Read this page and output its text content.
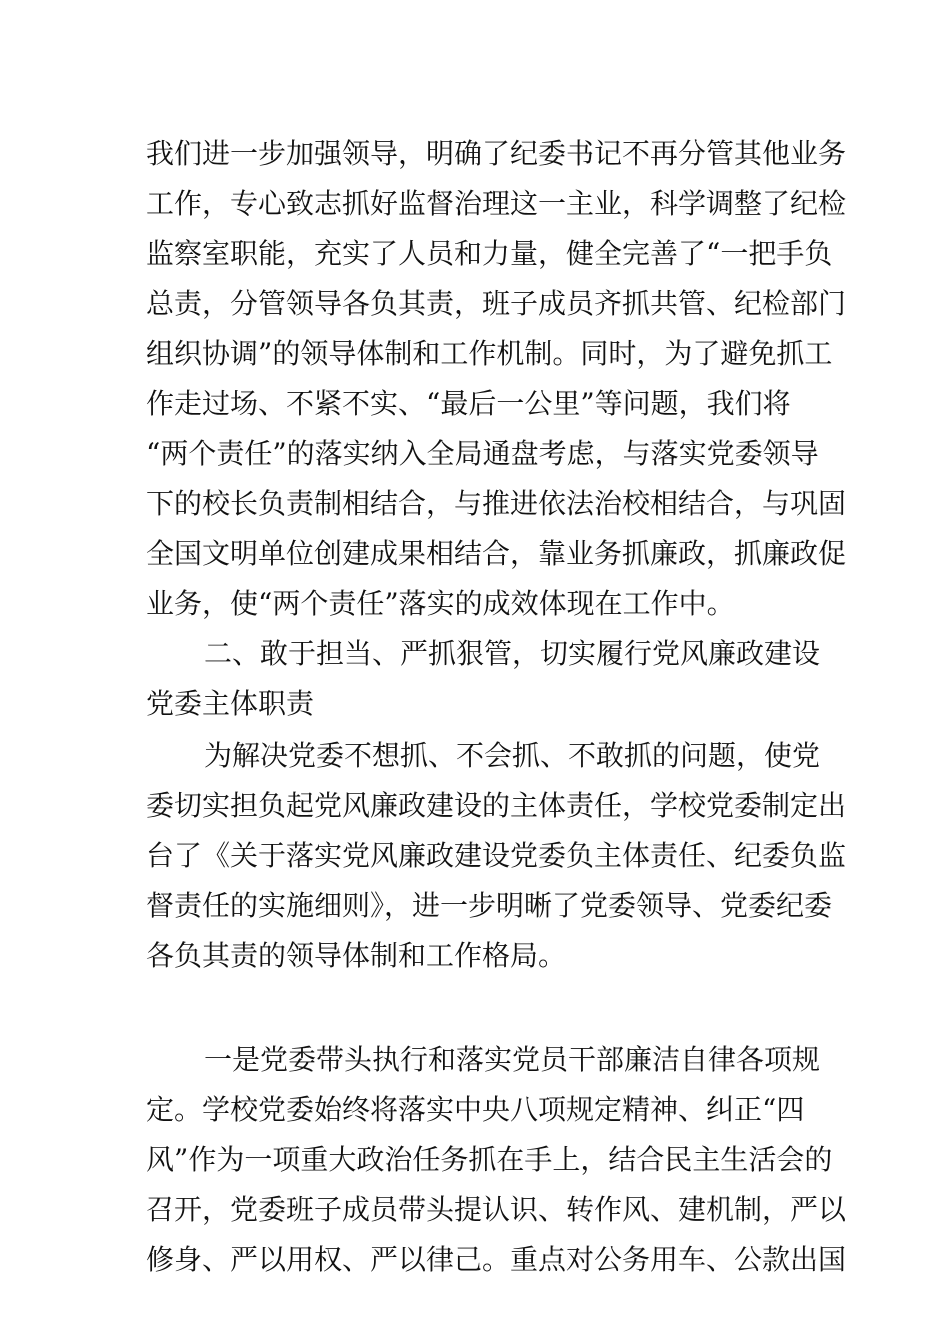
我们进一步加强领导，明确了纪委书记不再分管其他业务
工作，专心致志抓好监督治理这一主业，科学调整了纪检
监察室职能，充实了人员和力量，健全完善了“一把手负
总责，分管领导各负其责，班子成员齐抓共管、纪检部门
组织协调”的领导体制和工作机制。同时，为了避免抓工
作走过场、不紧不实、“最后一公里”等问题，我们将
“两个责任”的落实纳入全局通盘考虑，与落实党委领导
下的校长负责制相结合，与推进依法治校相结合，与巩固
全国文明单位创建成果相结合，靠业务抓廉政，抓廉政促
业务，使“两个责任”落实的成效体现在工作中。
二、敢于担当、严抓狠管，切实履行党风廉政建设
党委主体职责
为解决党委不想抓、不会抓、不敢抓的问题，使党
委切实担负起党风廉政建设的主体责任，学校党委制定出
台了《关于落实党风廉政建设党委负主体责任、纪委负监
督责任的实施细则》，进一步明晰了党委领导、党委纪委
各负其责的领导体制和工作格局。
一是党委带头执行和落实党员干部廉洁自律各项规
定。学校党委始终将落实中央八项规定精神、纠正“四
风”作为一项重大政治任务抓在手上，结合民主生活会的
召开，党委班子成员带头提认识、转作风、建机制，严以
修身、严以用权、严以律己。重点对公务用车、公款出国
